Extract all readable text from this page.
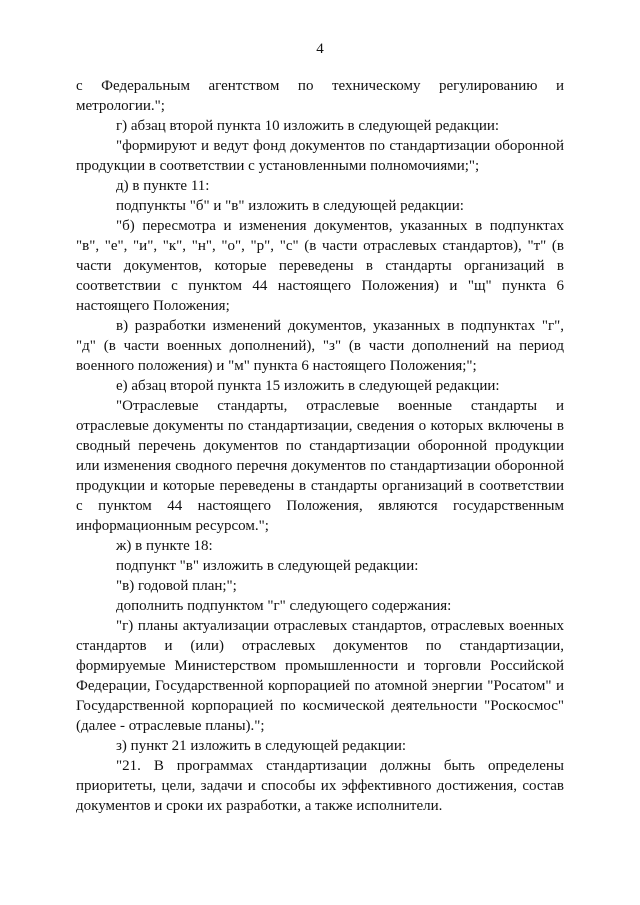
4

с Федеральным агентством по техническому регулированию и метрологии.";

г) абзац второй пункта 10 изложить в следующей редакции:

"формируют и ведут фонд документов по стандартизации оборонной продукции в соответствии с установленными полномочиями;";

д) в пункте 11:

подпункты "б" и "в" изложить в следующей редакции:

"б) пересмотра и изменения документов, указанных в подпунктах "в", "е", "и", "к", "н", "о", "р", "с" (в части отраслевых стандартов), "т" (в части документов, которые переведены в стандарты организаций в соответствии с пунктом 44 настоящего Положения) и "щ" пункта 6 настоящего Положения;

в) разработки изменений документов, указанных в подпунктах "г", "д" (в части военных дополнений), "з" (в части дополнений на период военного положения) и "м" пункта 6 настоящего Положения;";

е) абзац второй пункта 15 изложить в следующей редакции:

"Отраслевые стандарты, отраслевые военные стандарты и отраслевые документы по стандартизации, сведения о которых включены в сводный перечень документов по стандартизации оборонной продукции или изменения сводного перечня документов по стандартизации оборонной продукции и которые переведены в стандарты организаций в соответствии с пунктом 44 настоящего Положения, являются государственным информационным ресурсом.";

ж) в пункте 18:

подпункт "в" изложить в следующей редакции:

"в) годовой план;";

дополнить подпунктом "г" следующего содержания:

"г) планы актуализации отраслевых стандартов, отраслевых военных стандартов и (или) отраслевых документов по стандартизации, формируемые Министерством промышленности и торговли Российской Федерации, Государственной корпорацией по атомной энергии "Росатом" и Государственной корпорацией по космической деятельности "Роскосмос" (далее - отраслевые планы).";

з) пункт 21 изложить в следующей редакции:

"21. В программах стандартизации должны быть определены приоритеты, цели, задачи и способы их эффективного достижения, состав документов и сроки их разработки, а также исполнители.
